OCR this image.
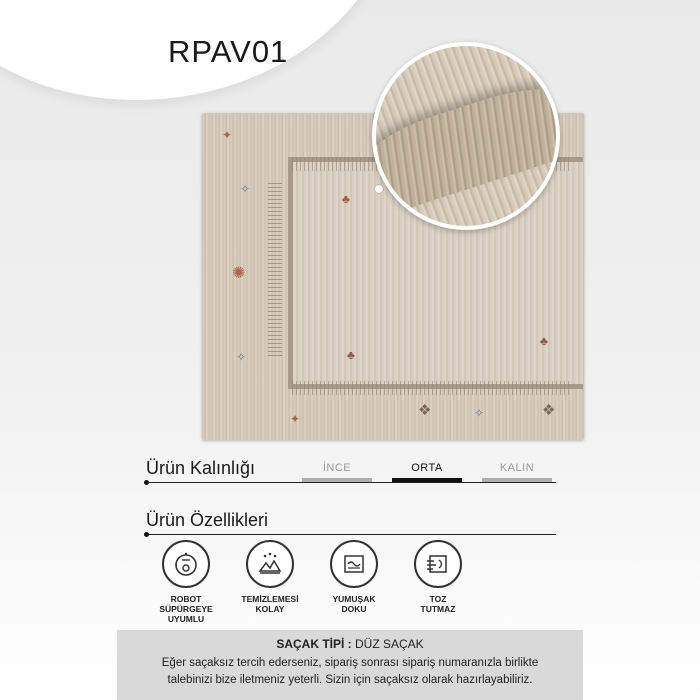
RPAV01
✦
✧
✺
✧
♣
♣
♣
❖	❖
✦	✧
Ürün Kalınlığı	İNCE	ORTA	KALIN
Ürün Özellikleri
ROBOT
SÜPÜRGEYE
UYUMLU
TEMİZLEMESİ
KOLAY
YUMUŞAK
DOKU
TOZ
TUTMAZ
SAÇAK TİPİ : DÜZ SAÇAK
Eğer saçaksız tercih ederseniz, sipariş sonrası sipariş numaranızla birlikte
talebinizi bize iletmeniz yeterli. Sizin için saçaksız olarak hazırlayabiliriz.
